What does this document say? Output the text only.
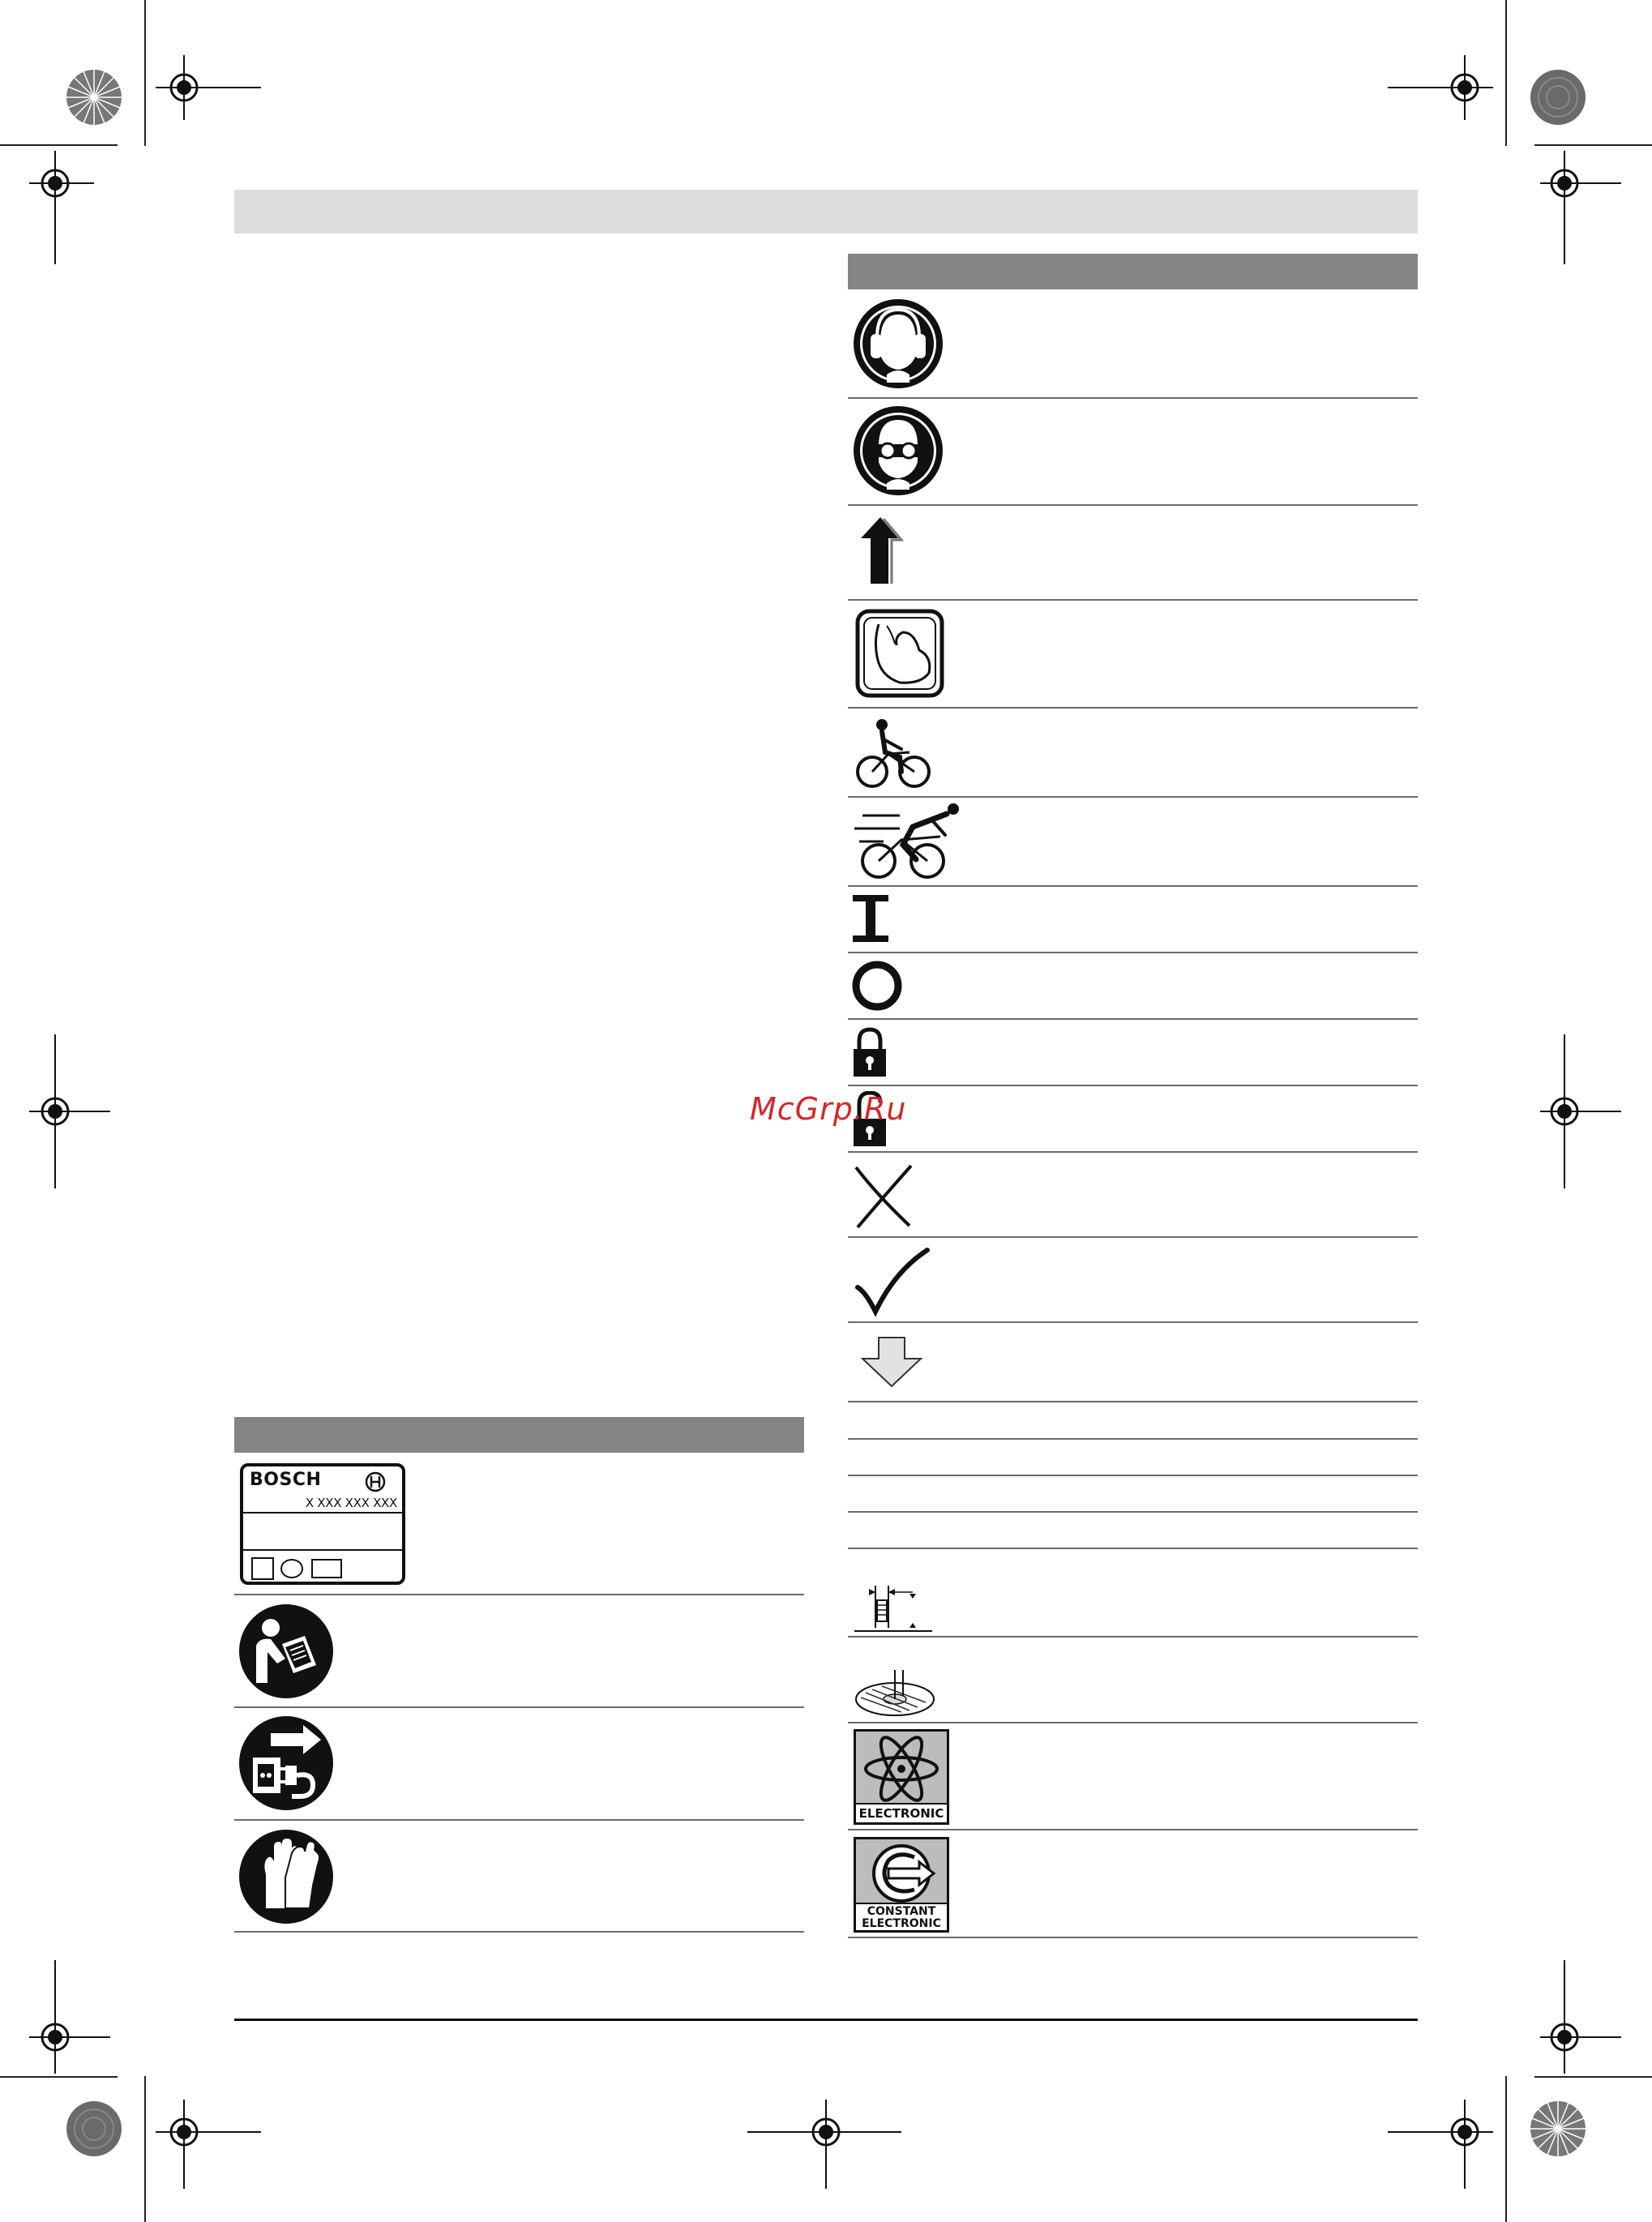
ELECTRONIC
CONSTANT
ELECTRONIC
BOSCH
X XXX XXX XXX
McGrp.Ru
